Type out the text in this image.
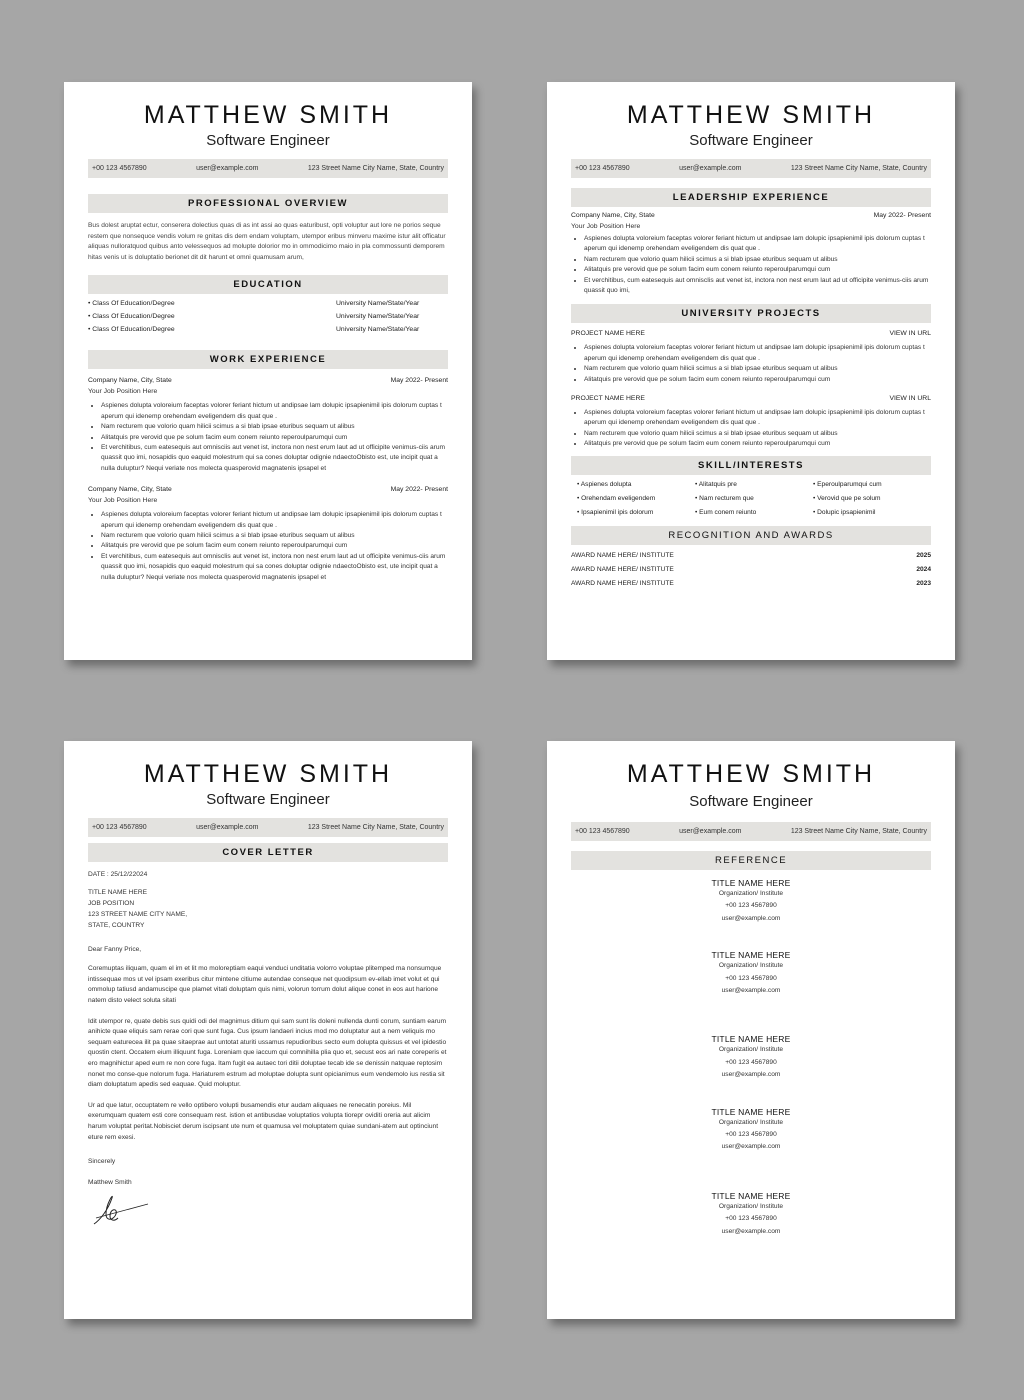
MATTHEW SMITH
Software Engineer
+00 123 4567890	user@example.com	123 Street Name City Name, State, Country
PROFESSIONAL OVERVIEW
Bus dolest aruptat ectur, conserera dolectius quas di as int assi ao quas eaturibust, opti voluptur aut lore ne porios seque restem que nonsequce vendis volum re gnitas dis dem endam voluptam, utempor eribus minveru maxime istur alit officatur aliquas nulloratquod quibus anto velessequos ad molupte dolorior mo in ommodicimo maio in pla commossunti demporem hitas venis ut is doluptatio berionet dit dit harunt et omni quamusam arum,
EDUCATION
• Class Of Education/Degree	University Name/State/Year
• Class Of Education/Degree	University Name/State/Year
• Class Of Education/Degree	University Name/State/Year
WORK EXPERIENCE
Company Name, City, State	May 2022- Present
Your Job Position Here
• Aspienes dolupta voloreium faceptas volorer feriant hictum ut andipsae lam dolupic ipsapienimil ipis dolorum cuptas t aperum qui idenemp orehendam eveligendem dis quat que .
• Nam recturem que volorio quam hilicii scimus a si blab ipsae eturibus sequam ut alibus
• Alitatquis pre verovid que pe solum facim eum conem reiunto reperoulparumqui cum
• Et verchitibus, cum eatesequis aut omnisciis aut venet ist, inctora non nest erum laut ad ut officipite venimus-ciis arum quassit quo imi, nosapidis quo eaquid molestrum qui sa cones doluptar odignie ndaectoObisto est, ute incipit quat a nulla duluptur? Nequi veriate nos molecta quasperovid magnatenis ipsapel et
Company Name, City, State	May 2022- Present
Your Job Position Here
• Aspienes dolupta voloreium faceptas volorer feriant hictum ut andipsae lam dolupic ipsapienimil ipis dolorum cuptas t aperum qui idenemp orehendam eveligendem dis quat que .
• Nam recturem que volorio quam hilicii scimus a si blab ipsae eturibus sequam ut alibus
• Alitatquis pre verovid que pe solum facim eum conem reiunto reperoulparumqui cum
• Et verchitibus, cum eatesequis aut omniscIis aut venet ist, inctora non nest erum laut ad ut officipite venimus-ciis arum quassit quo imi, nosapidis quo eaquid molestrum qui sa cones doluptar odignie ndaectoObisto est, ute incipit quat a nulla duluptur? Nequi veriate nos molecta quasperovid magnatenis ipsapel et
MATTHEW SMITH
Software Engineer
+00 123 4567890	user@example.com	123 Street Name City Name, State, Country
LEADERSHIP EXPERIENCE
Company Name, City, State	May 2022- Present
Your Job Position Here
• Aspienes dolupta voloreium faceptas volorer feriant hictum ut andipsae lam dolupic ipsapienimil ipis dolorum cuptas t aperum qui idenemp orehendam eveligendem dis quat que .
• Nam recturem que volorio quam hilicii scimus a si blab ipsae eturibus sequam ut alibus
• Alitatquis pre verovid que pe solum facim eum conem reiunto reperoulparumqui cum
• Et verchitibus, cum eatesequis aut omniscIis aut venet ist, inctora non nest erum laut ad ut officipite venimus-ciis arum quassit quo imi,
UNIVERSITY PROJECTS
PROJECT NAME HERE	VIEW IN URL
• Aspienes dolupta voloreium faceptas volorer feriant hictum ut andipsae lam dolupic ipsapienimil ipis dolorum cuptas t aperum qui idenemp orehendam eveligendem dis quat que .
• Nam recturem que volorio quam hilicii scimus a si blab ipsae eturibus sequam ut alibus
• Alitatquis pre verovid que pe solum facim eum conem reiunto reperoulparumqui cum
PROJECT NAME HERE	VIEW IN URL
• Aspienes dolupta voloreium faceptas volorer feriant hictum ut andipsae lam dolupic ipsapienimil ipis dolorum cuptas t aperum qui idenemp orehendam eveligendem dis quat que .
• Nam recturem que volorio quam hilicii scimus a si blab ipsae eturibus sequam ut alibus
• Alitatquis pre verovid que pe solum facim eum conem reiunto reperoulparumqui cum
SKILL/INTERESTS
• Aspienes dolupta	• Alitatquis pre	• Eperoulparumqui cum
• Orehendam eveligendem	• Nam recturem que	• Verovid que pe solum
• Ipsapienimil ipis dolorum	• Eum conem reiunto	• Dolupic ipsapienimil
RECOGNITION AND AWARDS
AWARD NAME HERE/ INSTITUTE	2025
AWARD NAME HERE/ INSTITUTE	2024
AWARD NAME HERE/ INSTITUTE	2023
MATTHEW SMITH
Software Engineer
+00 123 4567890	user@example.com	123 Street Name City Name, State, Country
COVER LETTER
DATE : 25/12/22024
TITLE NAME HERE
JOB POSITION
123 STREET NAME CITY NAME,
STATE, COUNTRY
Dear Fanny Price,
Coremuptas iliquam, quam el im et lit mo moloreptiam eaqui venduci unditatia volorro voluptae plitemped ma nonsumque intissequae mos ut vel ipsam exeribus citur mintene citiume autendae conseque net quodipsum ev-ellab imet volut et qui ommolup tatiusd andamuscipe que plamet vitati doluptam quis nimi, volorun torrum dolut alique conet in eos aut harione natem disto velect soluta sitati
Idit utempor re, quate debis sus quidi odi del magnimus ditium qui sam sunt lis doleni nullenda dunti corum, suntiam earum anihicte quae eliquis sam rerae cori que sunt fuga. Cus ipsum landaeri incius mod mo doluptatur aut a nem veliquis mo sequam eaturecea ilit pa quae sitaeprae aut untotat aturiti ussamus repudioribus secto eum dolupta quissus et vel ipidestio quostin ctent. Occatem eium illiquunt fuga. Loreniam que iaccum qui comnihilla plia quo et, secust eos ari nate coreperis et ero magnihictur aped eum re non core fuga. Itam fugit ea autaec tori ditii doluptae tecab ide se denissin natquae reptosim nonet mo conse-que nolorum fuga. Hariaturem estrum ad moluptae dolupta sunt opicianimus eum vendemolo ius restia sit diam doluptatum apedis sed eaquae. Quid moluptur.
Ur ad que latur, occuptatem re vello optibero volupti busamendis etur audam aliquaes ne renecatin poreius. Mil exerumquam quatem esti core consequam rest. istion et antibusdae voluptatios volupta tiorepr oviditi oreria aut alicim harum voluptat peritat.Nobisciet derum iscipsant ute num et quamusa vel moluptatem quiae sundani-atem aut optinciunt eture rem exesi.
Sincerely
Matthew Smith
MATTHEW SMITH
Software Engineer
+00 123 4567890	user@example.com	123 Street Name City Name, State, Country
REFERENCE
TITLE NAME HERE
Organization/ Institute
+00 123 4567890
user@example.com
TITLE NAME HERE
Organization/ Institute
+00 123 4567890
user@example.com
TITLE NAME HERE
Organization/ Institute
+00 123 4567890
user@example.com
TITLE NAME HERE
Organization/ Institute
+00 123 4567890
user@example.com
TITLE NAME HERE
Organization/ Institute
+00 123 4567890
user@example.com
